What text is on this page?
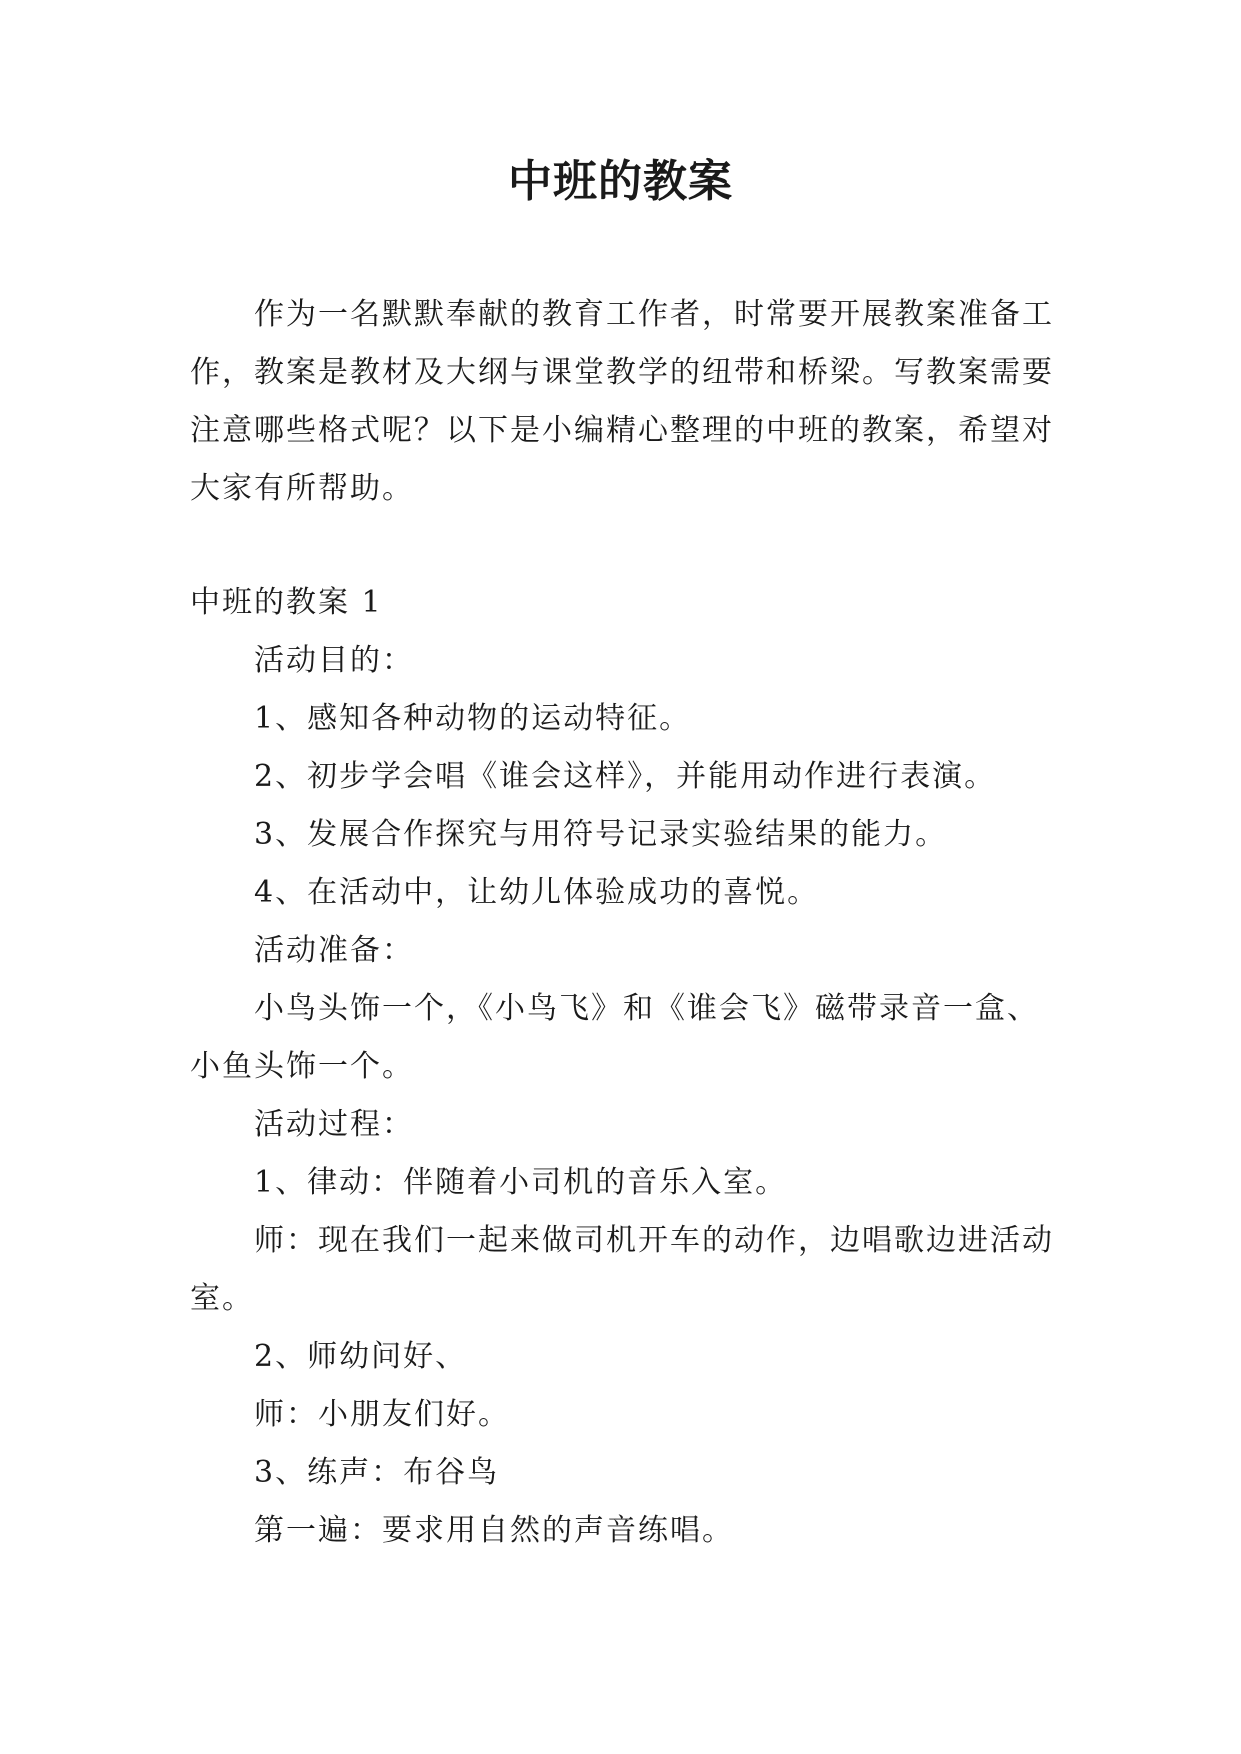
中班的教案

作为一名默默奉献的教育工作者，时常要开展教案准备工作，教案是教材及大纲与课堂教学的纽带和桥梁。写教案需要注意哪些格式呢？以下是小编精心整理的中班的教案，希望对大家有所帮助。

中班的教案 1

活动目的：

1、感知各种动物的运动特征。

2、初步学会唱《谁会这样》，并能用动作进行表演。

3、发展合作探究与用符号记录实验结果的能力。

4、在活动中，让幼儿体验成功的喜悦。

活动准备：

小鸟头饰一个，《小鸟飞》和《谁会飞》磁带录音一盒、小鱼头饰一个。

活动过程：

1、律动：伴随着小司机的音乐入室。

师：现在我们一起来做司机开车的动作，边唱歌边进活动室。

2、师幼问好、

师：小朋友们好。

3、练声：布谷鸟

第一遍：要求用自然的声音练唱。
